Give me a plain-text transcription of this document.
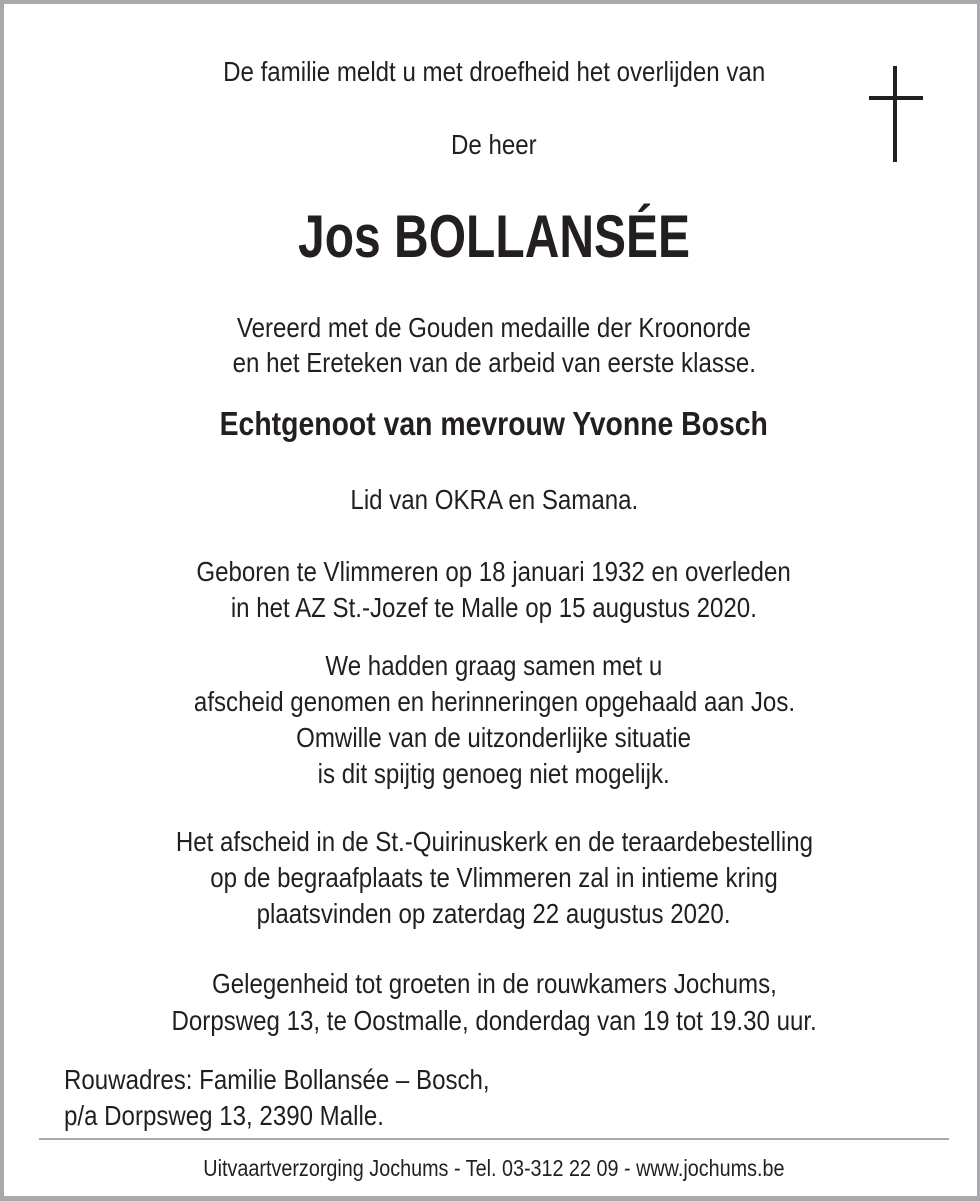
De familie meldt u met droefheid het overlijden van
De heer
Jos BOLLANSÉE
Vereerd met de Gouden medaille der Kroonorde
en het Ereteken van de arbeid van eerste klasse.
Echtgenoot van mevrouw Yvonne Bosch
Lid van OKRA en Samana.
Geboren te Vlimmeren op 18 januari 1932 en overleden
in het AZ St.-Jozef te Malle op 15 augustus 2020.
We hadden graag samen met u
afscheid genomen en herinneringen opgehaald aan Jos.
Omwille van de uitzonderlijke situatie
is dit spijtig genoeg niet mogelijk.
Het afscheid in de St.-Quirinuskerk en de teraardebestelling
op de begraafplaats te Vlimmeren zal in intieme kring
plaatsvinden op zaterdag 22 augustus 2020.
Gelegenheid tot groeten in de rouwkamers Jochums,
Dorpsweg 13, te Oostmalle, donderdag van 19 tot 19.30 uur.
Rouwadres: Familie Bollansée – Bosch,
p/a Dorpsweg 13, 2390 Malle.
Uitvaartverzorging Jochums - Tel. 03-312 22 09 - www.jochums.be
